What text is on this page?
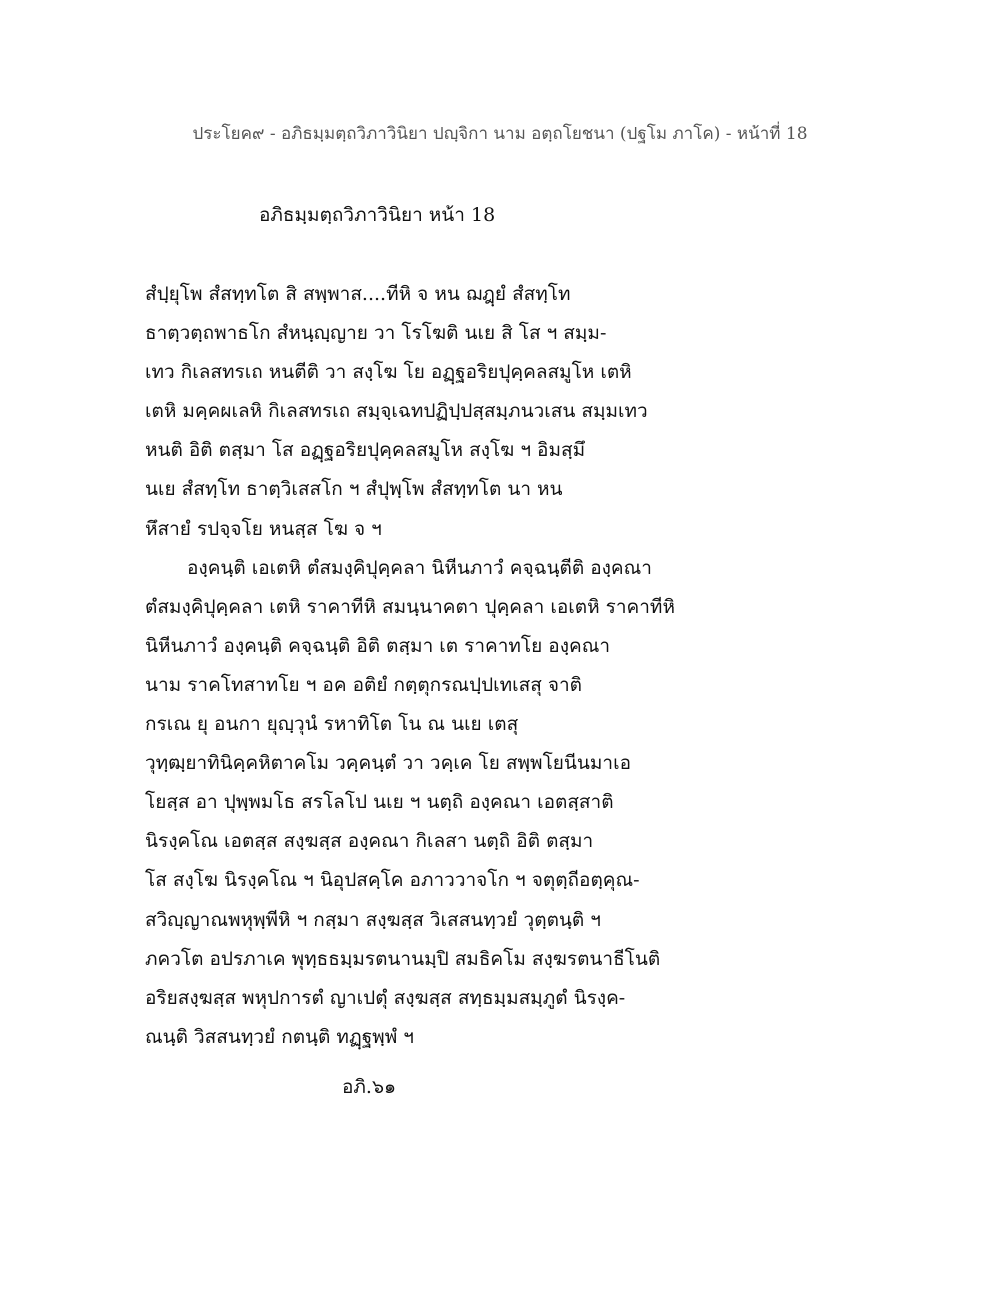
ประโยค๙ - อภิธมฺมตฺถวิภาวินิยา ปญฺจิกา นาม อตฺถโยชนา (ปฐโม ภาโค) - หน้าที่ 18
อภิธมฺมตฺถวิภาวินิยา หน้า 18
สํปฺยุโพ สํสทฺทโต สิ สพฺพาส....ทีหิ จ หน ฌฎฺยํ สํสทฺโท
ธาตฺวตฺถพาธโก สํหนฺญฺญาย วา โรโฆติ นเย สิ โส ฯ สมฺม-
เทว กิเลสทรเถ หนตีติ วา สงฺโฆ โย อฏฺฐอริยปุคฺคลสมูโห เตหิ
เตหิ มคฺคผเลหิ กิเลสทรเถ สมฺจฺเฉทปฏิปฺปสฺสมฺภนวเสน สมฺมเทว
หนติ อิติ ตสฺมา โส อฏฺฐอริยปุคฺคลสมูโห สงฺโฆ ฯ อิมสฺมึ
นเย สํสทฺโท ธาตฺวิเสสโก ฯ สํปุพฺโพ สํสทฺทโต นา หน
หึสายํ รปจฺจโย หนสฺส โฆ จ ฯ
องฺคนฺติ เอเตหิ ตํสมงฺคิปุคฺคลา นิหีนภาวํ คจฺฉนฺตีติ องฺคณา
ตํสมงฺคิปุคฺคลา เตหิ ราคาทีหิ สมนฺนาคตา ปุคฺคลา เอเตหิ ราคาทีหิ
นิหีนภาวํ องฺคนฺติ คจฺฉนฺติ อิติ ตสฺมา เต ราคาทโย องฺคณา
นาม ราคโทสาทโย ฯ อค อติยํ กตฺตุกรณปฺปเทเสสุ จาติ
กรเณ ยุ อนกา ยุญฺวุนํ รหาทิโต โน ณ นเย เตสุ
วุทฺฒฺยาทินิคฺคหิตาคโม วคฺคนฺตํ วา วคฺเค โย สพฺพโยนีนมาเอ
โยสฺส อา ปุพฺพมโธ สรโลโป นเย ฯ นตฺถิ องฺคณา เอตสฺสาติ
นิรงฺคโณ เอตสฺส สงฺฆสฺส องฺคณา กิเลสา นตฺถิ อิติ ตสฺมา
โส สงฺโฆ นิรงฺคโณ ฯ นิอุปสคฺโค อภาววาจโก ฯ จตุตฺถีอตฺคุณ-
สวิญฺญาณพหุพฺพีหิ ฯ กสฺมา สงฺฆสฺส วิเสสนทฺวยํ วุตฺตนฺติ ฯ
ภควโต อปรภาเค พุทฺธธมฺมรตนานมฺปิ สมธิคโม สงฺฆรตนาธีโนติ
อริยสงฺฆสฺส พหุปการตํ ญาเปตุํ สงฺฆสฺส สทฺธมฺมสมฺภูตํ นิรงฺค-
ณนฺติ วิสสนทฺวยํ กตนฺติ ทฏฺฐพฺพํ ฯ
อภิ.๖๑
